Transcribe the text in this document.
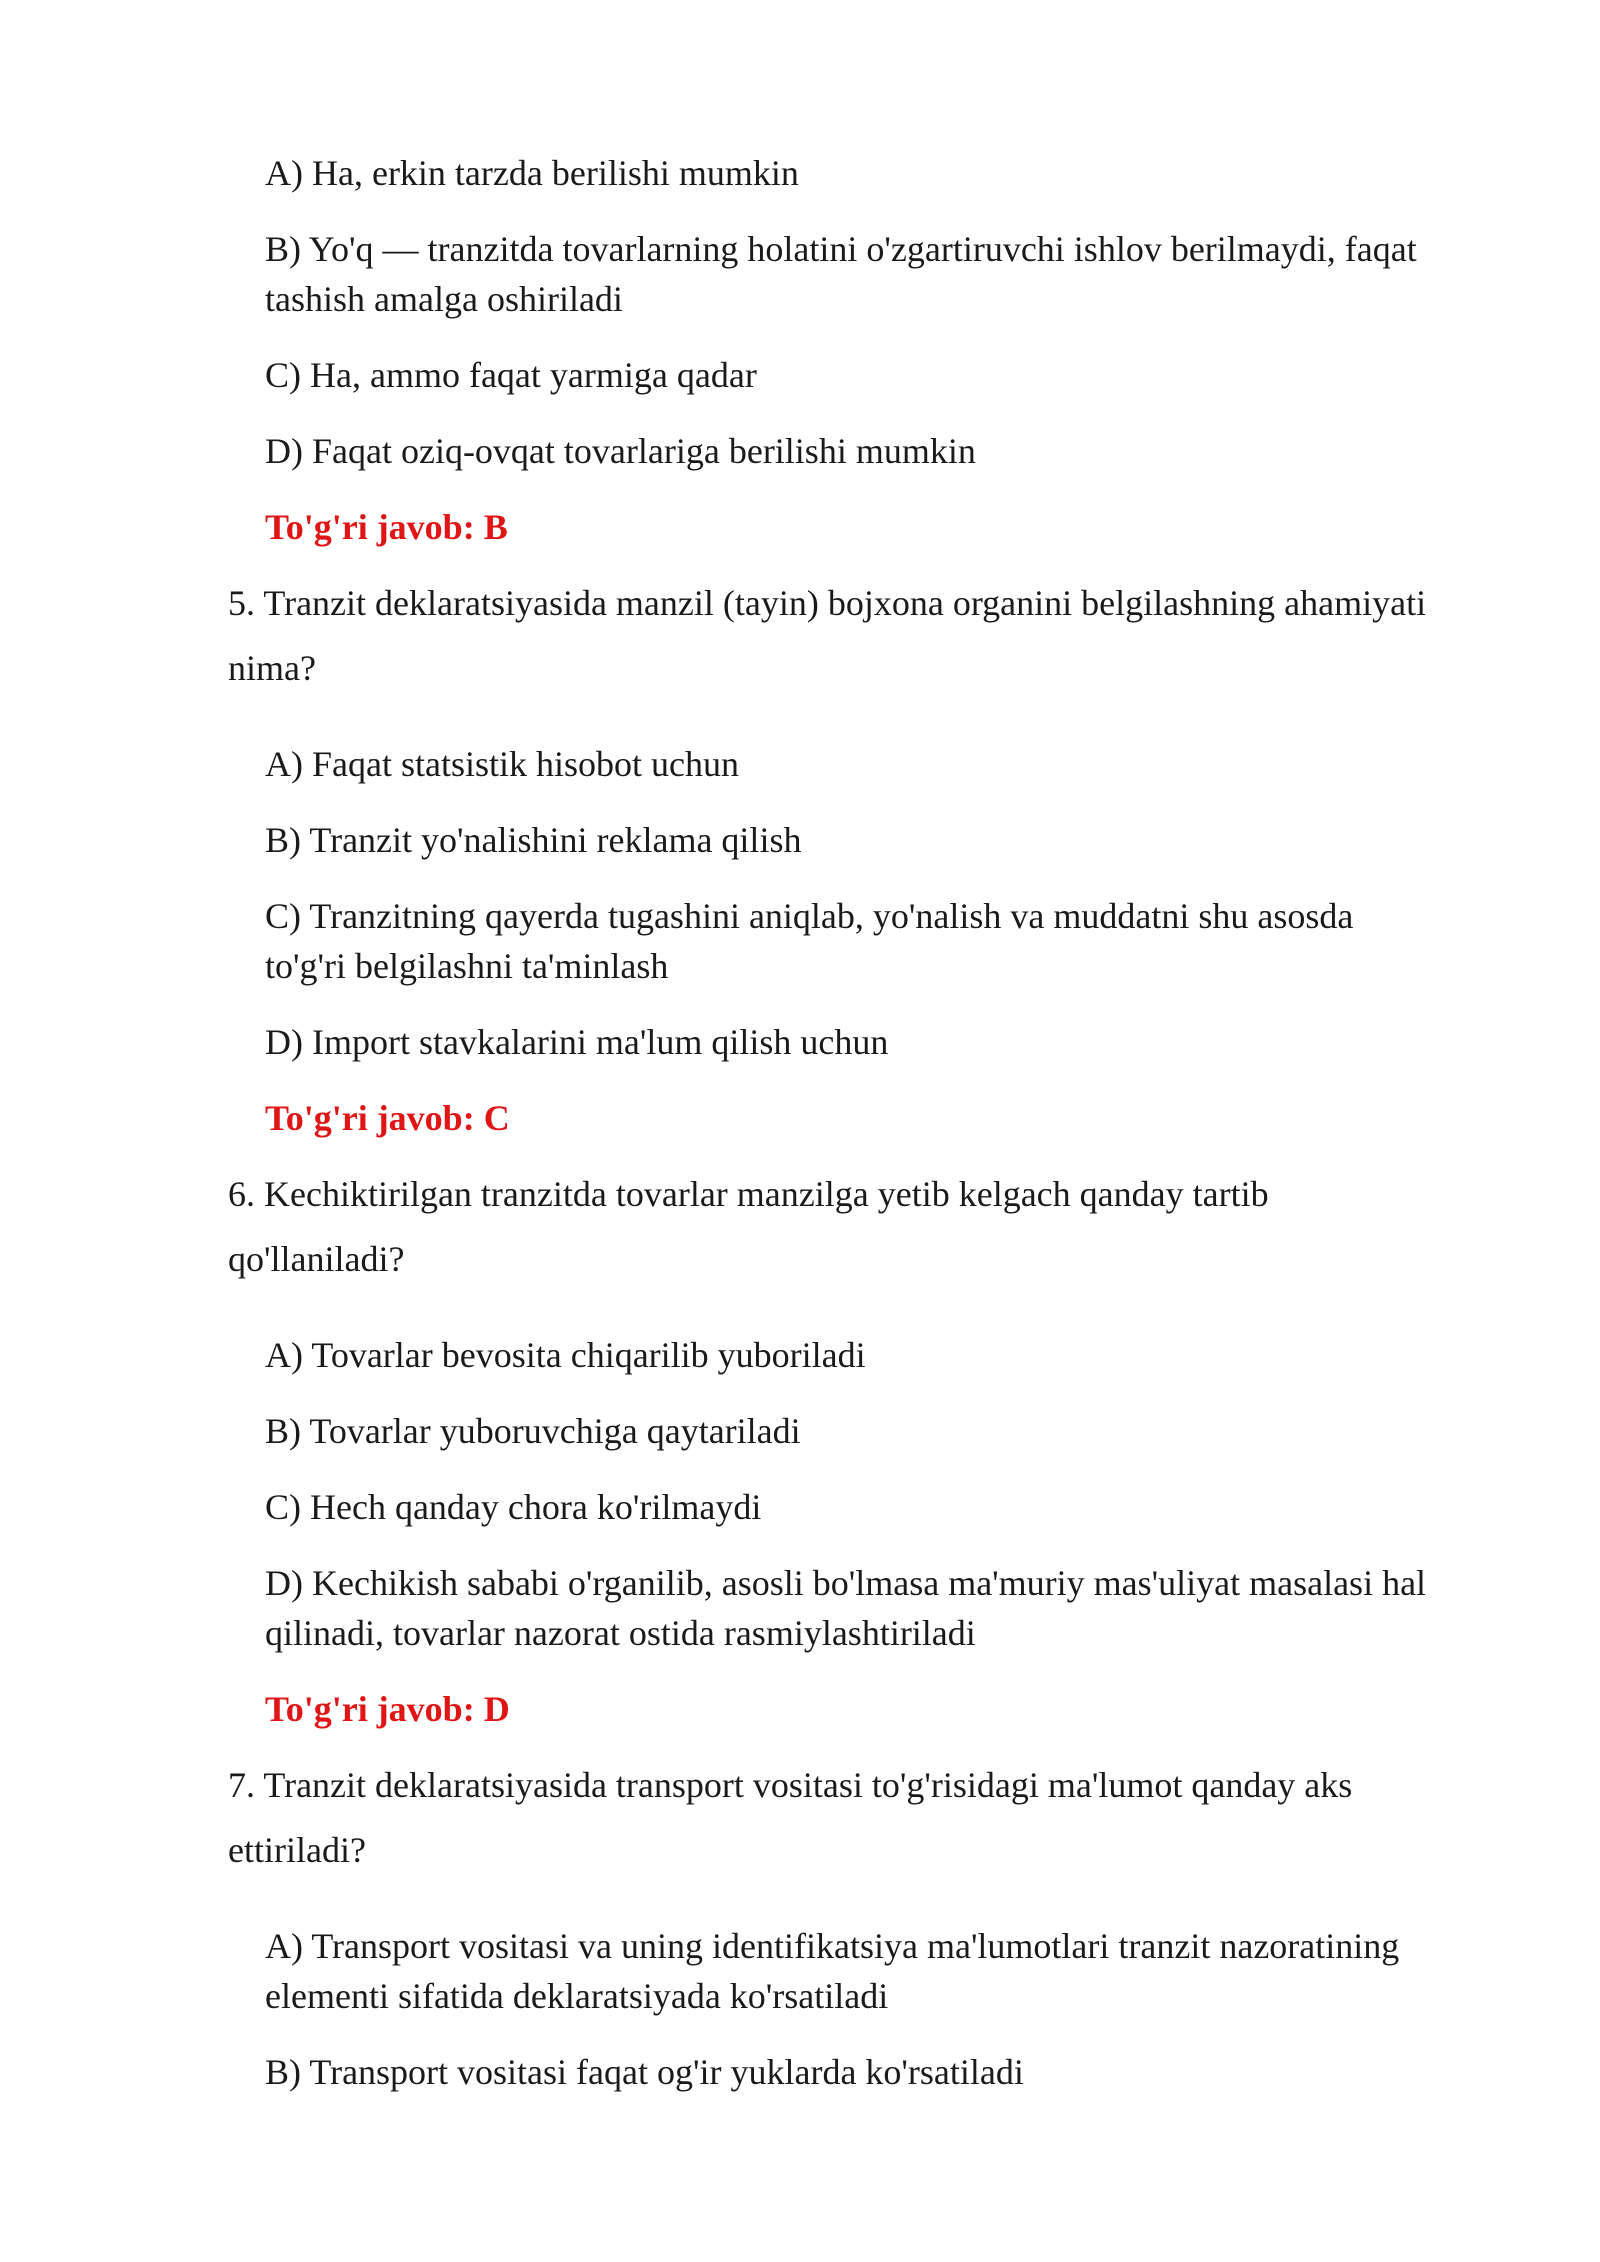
A) Ha, erkin tarzda berilishi mumkin

B) Yo'q — tranzitda tovarlarning holatini o'zgartiruvchi ishlov berilmaydi, faqat

tashish amalga oshiriladi

C) Ha, ammo faqat yarmiga qadar

D) Faqat oziq-ovqat tovarlariga berilishi mumkin

To'g'ri javob: B

5. Tranzit deklaratsiyasida manzil (tayin) bojxona organini belgilashning ahamiyati

nima?

A) Faqat statsistik hisobot uchun

B) Tranzit yo'nalishini reklama qilish

C) Tranzitning qayerda tugashini aniqlab, yo'nalish va muddatni shu asosda

to'g'ri belgilashni ta'minlash

D) Import stavkalarini ma'lum qilish uchun

To'g'ri javob: C

6. Kechiktirilgan tranzitda tovarlar manzilga yetib kelgach qanday tartib

qo'llaniladi?

A) Tovarlar bevosita chiqarilib yuboriladi

B) Tovarlar yuboruvchiga qaytariladi

C) Hech qanday chora ko'rilmaydi

D) Kechikish sababi o'rganilib, asosli bo'lmasa ma'muriy mas'uliyat masalasi hal

qilinadi, tovarlar nazorat ostida rasmiylashtiriladi

To'g'ri javob: D

7. Tranzit deklaratsiyasida transport vositasi to'g'risidagi ma'lumot qanday aks

ettiriladi?

A) Transport vositasi va uning identifikatsiya ma'lumotlari tranzit nazoratining

elementi sifatida deklaratsiyada ko'rsatiladi

B) Transport vositasi faqat og'ir yuklarda ko'rsatiladi
